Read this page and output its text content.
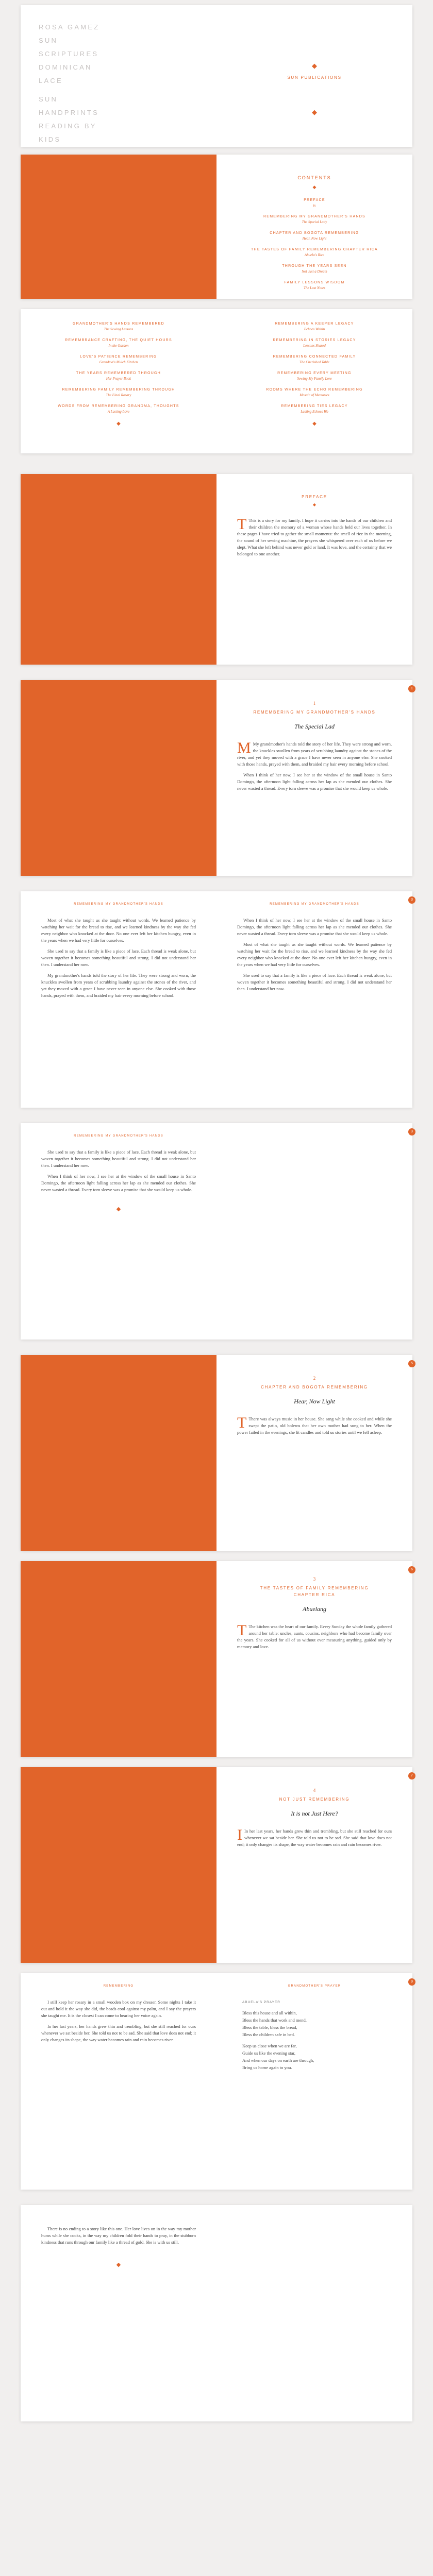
ROSA GAMEZ
SUN
SCRIPTURES
DOMINICAN
LACE
SUN HANDPRINTS READING BY KIDS
◆
SUN PUBLICATIONS
◆
CONTENTS
◆
PREFACE
ix
REMEMBERING MY GRANDMOTHER'S HANDS
The Special Lady
CHAPTER AND BOGOTA REMEMBERING
Hear, Now Light
THE TASTES OF FAMILY REMEMBERING CHAPTER RICA
Abuela's Rice
THROUGH THE YEARS SEEN
Not Just a Dream
FAMILY LESSONS WISDOM
The Last Notes
GRANDMOTHER'S HANDS REMEMBERED
The Sewing Lessons
REMEMBRANCE CRAFTING, THE QUIET HOURS
In the Garden
LOVE'S PATIENCE REMEMBERING
Grandma's Mulch Kitchen
THE YEARS REMEMBERED THROUGH
Her Prayer Book
REMEMBERING FAMILY REMEMBERING THROUGH
The Final Rosary
WORDS FROM REMEMBERING GRANDMA, THOUGHTS
A Lasting Love
◆
REMEMBERING A KEEPER LEGACY
Echoes Within
REMEMBERING IN STORIES LEGACY
Lessons Shared
REMEMBERING CONNECTED FAMILY
The Cherished Table
REMEMBERING EVERY MEETING
Sewing My Family Lore
ROOMS WHERE THE ECHO REMEMBERING
Mosaic of Memories
REMEMBERING TIES LEGACY
Lasting Echoes Wo
◆
PREFACE
◆
T This is a story for my family. I hope it carries into the hands of our children and their children the memory of a woman whose hands held our lives together. In these pages I have tried to gather the small moments: the smell of rice in the morning, the sound of her sewing machine, the prayers she whispered over each of us before we slept. What she left behind was never gold or land. It was love, and the certainty that we belonged to one another.
1
1
REMEMBERING MY GRANDMOTHER'S HANDS
The Special Lad
M My grandmother's hands told the story of her life. They were strong and worn, the knuckles swollen from years of scrubbing laundry against the stones of the river, and yet they moved with a grace I have never seen in anyone else. She cooked with those hands, prayed with them, and braided my hair every morning before school.

When I think of her now, I see her at the window of the small house in Santo Domingo, the afternoon light falling across her lap as she mended our clothes. She never wasted a thread. Every torn sleeve was a promise that she would keep us whole.

REMEMBERING MY GRANDMOTHER'S HANDS

Most of what she taught us she taught without words. We learned patience by watching her wait for the bread to rise, and we learned kindness by the way she fed every neighbor who knocked at the door. No one ever left her kitchen hungry, even in the years when we had very little for ourselves.

She used to say that a family is like a piece of lace. Each thread is weak alone, but woven together it becomes something beautiful and strong. I did not understand her then. I understand her now.

My grandmother's hands told the story of her life. They were strong and worn, the knuckles swollen from years of scrubbing laundry against the stones of the river, and yet they moved with a grace I have never seen in anyone else. She cooked with those hands, prayed with them, and braided my hair every morning before school.

3
REMEMBERING MY GRANDMOTHER'S HANDS

When I think of her now, I see her at the window of the small house in Santo Domingo, the afternoon light falling across her lap as she mended our clothes. She never wasted a thread. Every torn sleeve was a promise that she would keep us whole.

Most of what she taught us she taught without words. We learned patience by watching her wait for the bread to rise, and we learned kindness by the way she fed every neighbor who knocked at the door. No one ever left her kitchen hungry, even in the years when we had very little for ourselves.

She used to say that a family is like a piece of lace. Each thread is weak alone, but woven together it becomes something beautiful and strong. I did not understand her then. I understand her now.

REMEMBERING MY GRANDMOTHER'S HANDS

She used to say that a family is like a piece of lace. Each thread is weak alone, but woven together it becomes something beautiful and strong. I did not understand her then. I understand her now.

When I think of her now, I see her at the window of the small house in Santo Domingo, the afternoon light falling across her lap as she mended our clothes. She never wasted a thread. Every torn sleeve was a promise that she would keep us whole.

◆
3
5
2
CHAPTER AND BOGOTA REMEMBERING
Hear, Now Light
T There was always music in her house. She sang while she cooked and while she swept the patio, old boleros that her own mother had sung to her. When the power failed in the evenings, she lit candles and told us stories until we fell asleep.
6
3
THE TASTES OF FAMILY REMEMBERING CHAPTER RICA
Abuelang
T The kitchen was the heart of our family. Every Sunday the whole family gathered around her table: uncles, aunts, cousins, neighbors who had become family over the years. She cooked for all of us without ever measuring anything, guided only by memory and love.
7
4
NOT JUST REMEMBERING
It is not Just Here?
I In her last years, her hands grew thin and trembling, but she still reached for ours whenever we sat beside her. She told us not to be sad. She said that love does not end; it only changes its shape, the way water becomes rain and rain becomes river.
REMEMBERING

I still keep her rosary in a small wooden box on my dresser. Some nights I take it out and hold it the way she did, the beads cool against my palm, and I say the prayers she taught me. It is the closest I can come to hearing her voice again.

In her last years, her hands grew thin and trembling, but she still reached for ours whenever we sat beside her. She told us not to be sad. She said that love does not end; it only changes its shape, the way water becomes rain and rain becomes river.

9
GRANDMOTHER'S PRAYER
ABUELA'S PRAYER
Bless this house and all within,
Bless the hands that work and mend,
Bless the table, bless the bread,
Bless the children safe in bed.
Keep us close when we are far,
Guide us like the evening star,
And when our days on earth are through,
Bring us home again to you.

There is no ending to a story like this one. Her love lives on in the way my mother hums while she cooks, in the way my children fold their hands to pray, in the stubborn kindness that runs through our family like a thread of gold. She is with us still.

◆
